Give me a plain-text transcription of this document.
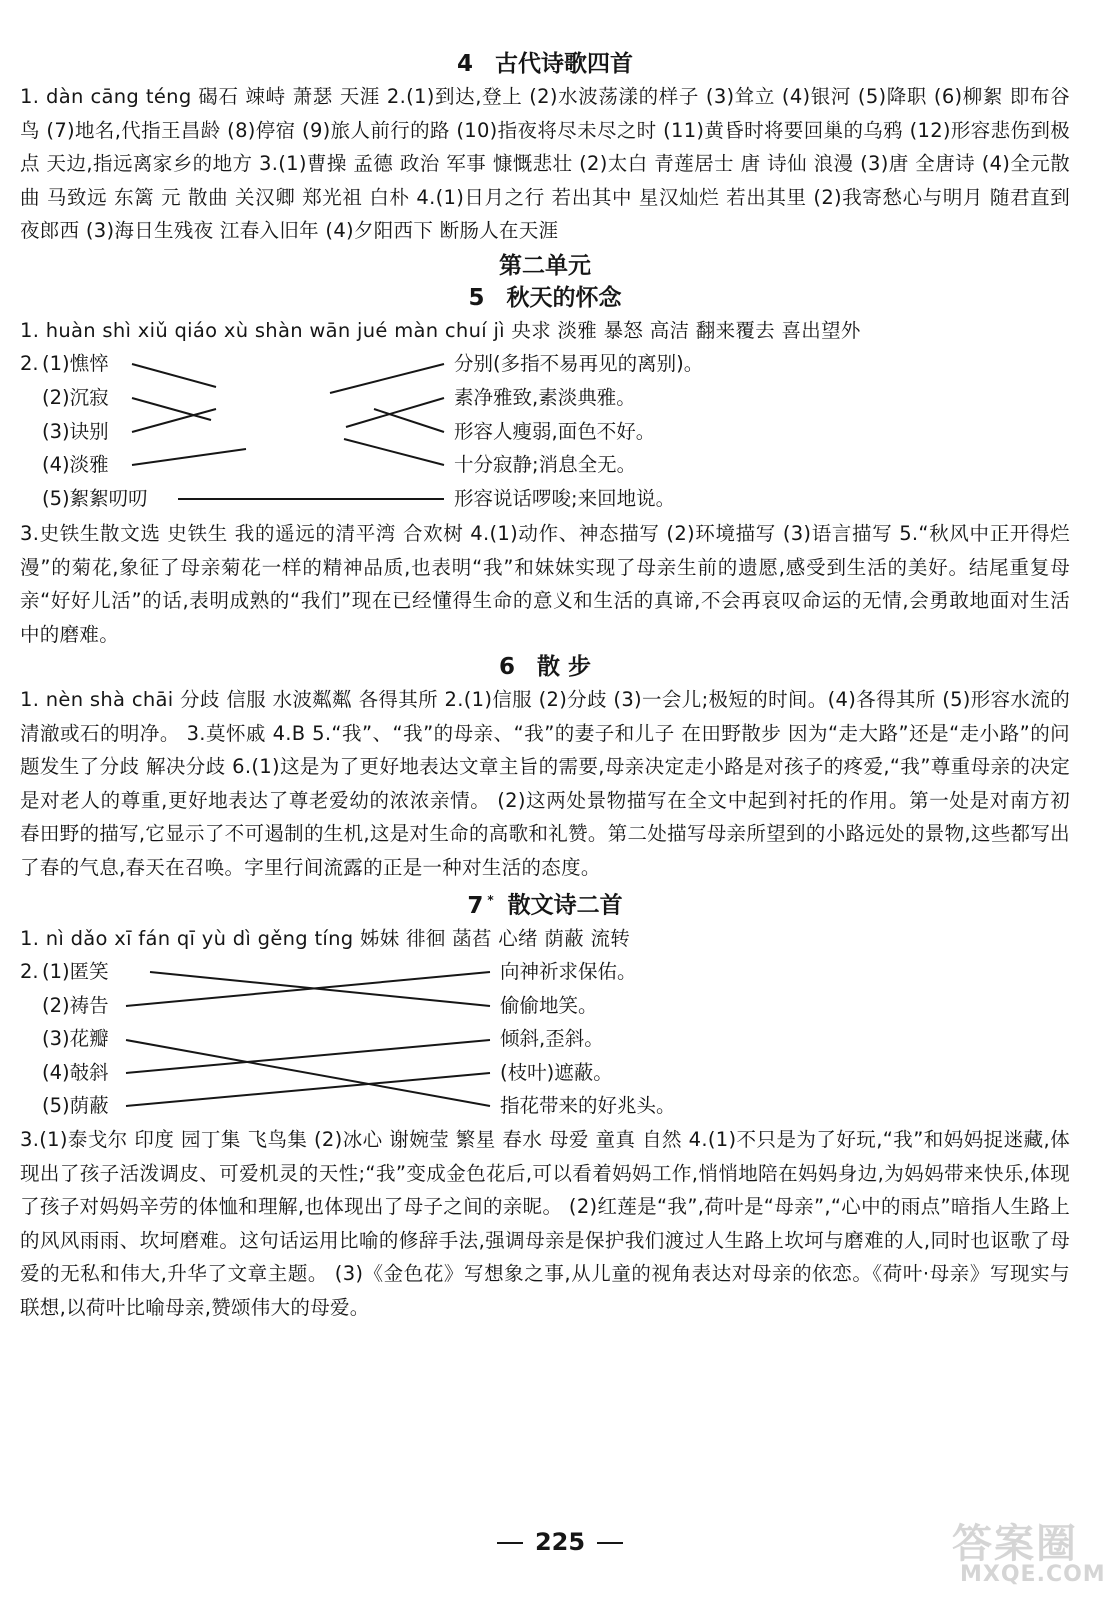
4 古代诗歌四首

1. dàn cāng téng 碣石 竦峙 萧瑟 天涯 2.(1)到达,登上 (2)水波荡漾的样子 (3)耸立 (4)银河 (5)降职 (6)柳絮 即布谷鸟 (7)地名,代指王昌龄 (8)停宿 (9)旅人前行的路 (10)指夜将尽未尽之时 (11)黄昏时将要回巢的乌鸦 (12)形容悲伤到极点 天边,指远离家乡的地方 3.(1)曹操 孟德 政治 军事 慷慨悲壮 (2)太白 青莲居士 唐 诗仙 浪漫 (3)唐 全唐诗 (4)全元散曲 马致远 东篱 元 散曲 关汉卿 郑光祖 白朴 4.(1)日月之行 若出其中 星汉灿烂 若出其里 (2)我寄愁心与明月 随君直到夜郎西 (3)海日生残夜 江春入旧年 (4)夕阳西下 断肠人在天涯

第二单元
5 秋天的怀念

1. huàn shì xiǔ qiáo xù shàn wān jué màn chuí jì 央求 淡雅 暴怒 高洁 翻来覆去 喜出望外

2. (1)憔悴
(2)沉寂
(3)诀别
(4)淡雅
(5)絮絮叨叨
分别(多指不易再见的离别)。
素净雅致,素淡典雅。
形容人瘦弱,面色不好。
十分寂静;消息全无。
形容说话啰唆;来回地说。

3.史铁生散文选 史铁生 我的遥远的清平湾 合欢树 4.(1)动作、神态描写 (2)环境描写 (3)语言描写 5.“秋风中正开得烂漫”的菊花,象征了母亲菊花一样的精神品质,也表明“我”和妹妹实现了母亲生前的遗愿,感受到生活的美好。结尾重复母亲“好好儿活”的话,表明成熟的“我们”现在已经懂得生命的意义和生活的真谛,不会再哀叹命运的无情,会勇敢地面对生活中的磨难。

6 散 步

1. nèn shà chāi 分歧 信服 水波粼粼 各得其所 2.(1)信服 (2)分歧 (3)一会儿;极短的时间。(4)各得其所 (5)形容水流的清澈或石的明净。 3.莫怀戚 4.B 5.“我”、“我”的母亲、“我”的妻子和儿子 在田野散步 因为“走大路”还是“走小路”的问题发生了分歧 解决分歧 6.(1)这是为了更好地表达文章主旨的需要,母亲决定走小路是对孩子的疼爱,“我”尊重母亲的决定是对老人的尊重,更好地表达了尊老爱幼的浓浓亲情。 (2)这两处景物描写在全文中起到衬托的作用。第一处是对南方初春田野的描写,它显示了不可遏制的生机,这是对生命的高歌和礼赞。第二处描写母亲所望到的小路远处的景物,这些都写出了春的气息,春天在召唤。字里行间流露的正是一种对生活的态度。

7 * 散文诗二首

1. nì dǎo xī fán qī yù dì gěng tíng 姊妹 徘徊 菡萏 心绪 荫蔽 流转

2. (1)匿笑
(2)祷告
(3)花瓣
(4)攲斜
(5)荫蔽
向神祈求保佑。
偷偷地笑。
倾斜,歪斜。
(枝叶)遮蔽。
指花带来的好兆头。

3.(1)泰戈尔 印度 园丁集 飞鸟集 (2)冰心 谢婉莹 繁星 春水 母爱 童真 自然 4.(1)不只是为了好玩,“我”和妈妈捉迷藏,体现出了孩子活泼调皮、可爱机灵的天性;“我”变成金色花后,可以看着妈妈工作,悄悄地陪在妈妈身边,为妈妈带来快乐,体现了孩子对妈妈辛劳的体恤和理解,也体现出了母子之间的亲昵。 (2)红莲是“我”,荷叶是“母亲”,“心中的雨点”暗指人生路上的风风雨雨、坎坷磨难。这句话运用比喻的修辞手法,强调母亲是保护我们渡过人生路上坎坷与磨难的人,同时也讴歌了母爱的无私和伟大,升华了文章主题。 (3)《金色花》写想象之事,从儿童的视角表达对母亲的依恋。《荷叶·母亲》写现实与联想,以荷叶比喻母亲,赞颂伟大的母爱。

225	答案圈
MXQE.COM
